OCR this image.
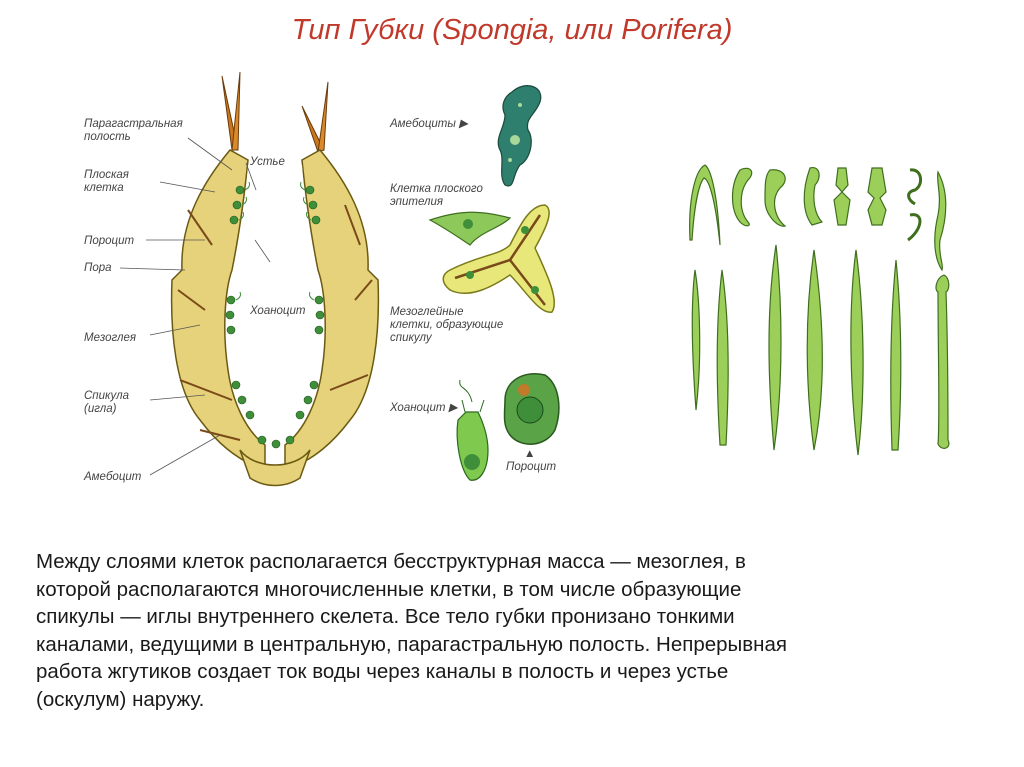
Тип Губки (Spongia, или Porifera)
Парагастральная
полость
Устье
Плоская
клетка
Пороцит
Пора
Хоаноцит
Мезоглея
Спикула
(игла)
Амебоцит
Амебоциты ▶
Клетка плоского
эпителия
Мезоглейные
клетки, образующие
спикулу
Хоаноцит ▶
▲
Пороцит
Между слоями клеток располагается бесструктурная масса — мезоглея, в
которой располагаются многочисленные клетки, в том числе образующие
спикулы — иглы внутреннего скелета. Все тело губки пронизано тонкими
каналами, ведущими в центральную, парагастральную полость. Непрерывная
работа жгутиков создает ток воды через каналы в полость и через устье
(оскулум) наружу.
